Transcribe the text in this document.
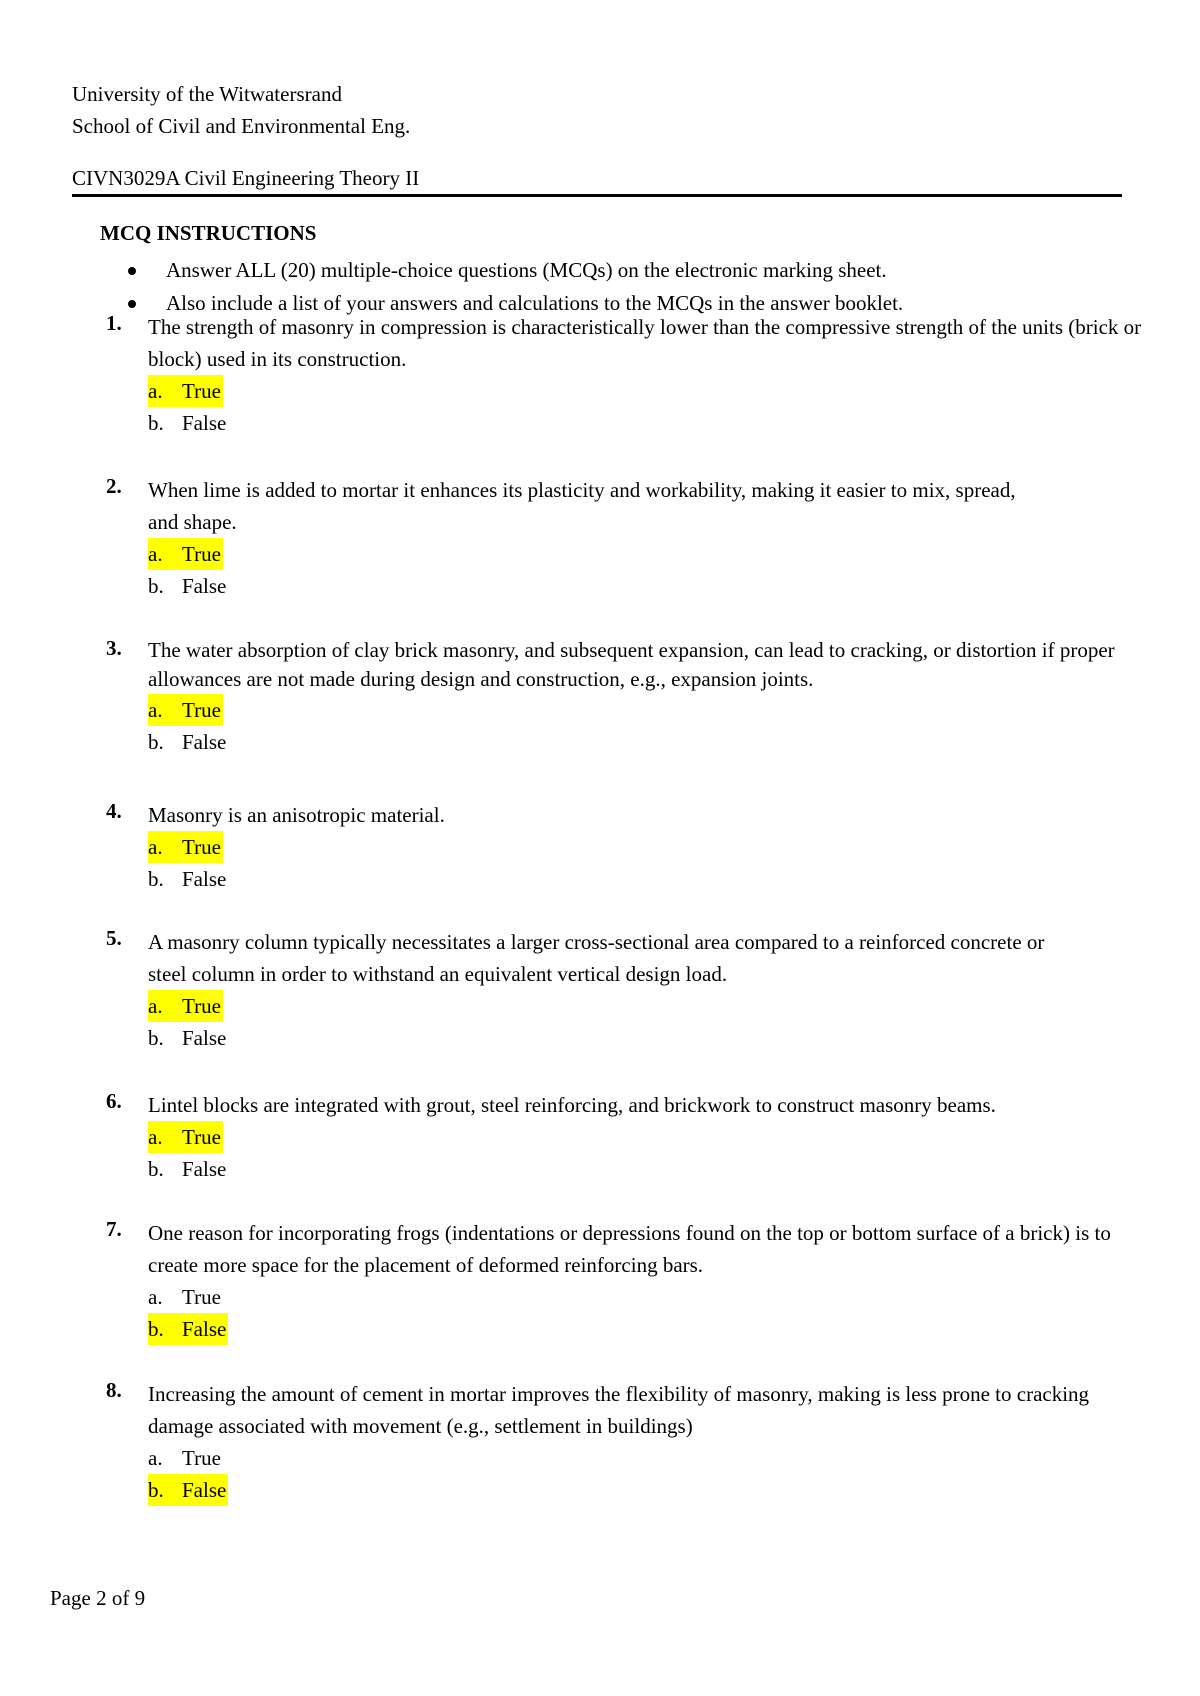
University of the Witwatersrand
School of Civil and Environmental Eng.
CIVN3029A Civil Engineering Theory II
MCQ INSTRUCTIONS
Answer ALL (20) multiple-choice questions (MCQs) on the electronic marking sheet.
Also include a list of your answers and calculations to the MCQs in the answer booklet.
1. The strength of masonry in compression is characteristically lower than the compressive strength of the units (brick or block) used in its construction.
a. True
b. False
2. When lime is added to mortar it enhances its plasticity and workability, making it easier to mix, spread, and shape.
a. True
b. False
3. The water absorption of clay brick masonry, and subsequent expansion, can lead to cracking, or distortion if proper allowances are not made during design and construction, e.g., expansion joints.
a. True
b. False
4. Masonry is an anisotropic material.
a. True
b. False
5. A masonry column typically necessitates a larger cross-sectional area compared to a reinforced concrete or steel column in order to withstand an equivalent vertical design load.
a. True
b. False
6. Lintel blocks are integrated with grout, steel reinforcing, and brickwork to construct masonry beams.
a. True
b. False
7. One reason for incorporating frogs (indentations or depressions found on the top or bottom surface of a brick) is to create more space for the placement of deformed reinforcing bars.
a. True
b. False
8. Increasing the amount of cement in mortar improves the flexibility of masonry, making is less prone to cracking damage associated with movement (e.g., settlement in buildings)
a. True
b. False
Page 2 of 9
